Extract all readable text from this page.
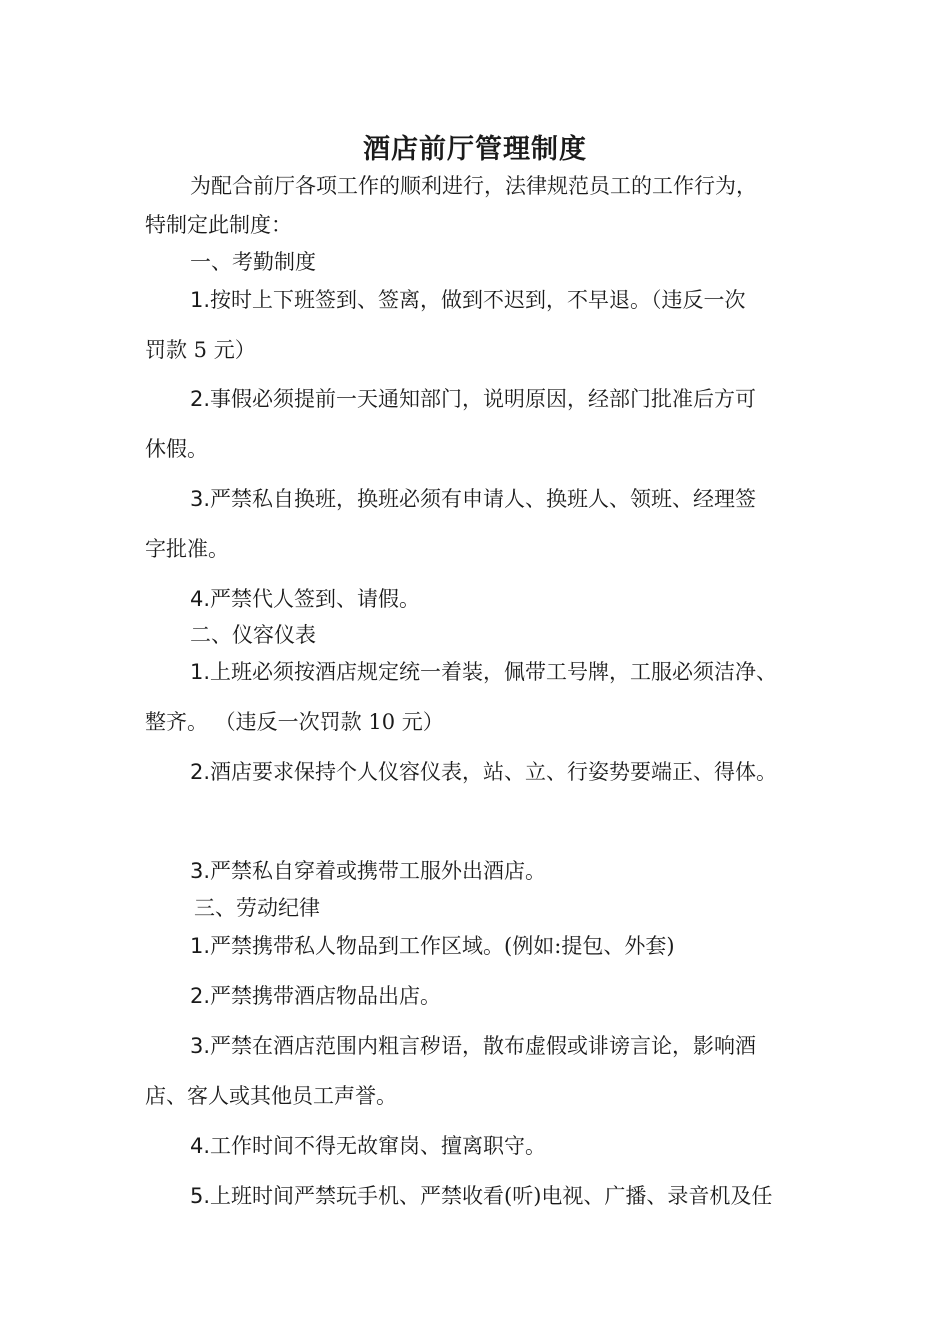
酒店前厅管理制度
为配合前厅各项工作的顺利进行，法律规范员工的工作行为，
特制定此制度：
一、考勤制度
1.按时上下班签到、签离，做到不迟到，不早退。（违反一次
罚款 5 元）
2.事假必须提前一天通知部门，说明原因，经部门批准后方可
休假。
3.严禁私自换班，换班必须有申请人、换班人、领班、经理签
字批准。
4.严禁代人签到、请假。
二、仪容仪表
1.上班必须按酒店规定统一着装，佩带工号牌，工服必须洁净、
整齐。 （违反一次罚款 10 元）
2.酒店要求保持个人仪容仪表，站、立、行姿势要端正、得体。
3.严禁私自穿着或携带工服外出酒店。
三、劳动纪律
1.严禁携带私人物品到工作区域。(例如:提包、外套)
2.严禁携带酒店物品出店。
3.严禁在酒店范围内粗言秽语，散布虚假或诽谤言论，影响酒
店、客人或其他员工声誉。
4.工作时间不得无故窜岗、擅离职守。
5.上班时间严禁玩手机、严禁收看(听)电视、广播、录音机及任
